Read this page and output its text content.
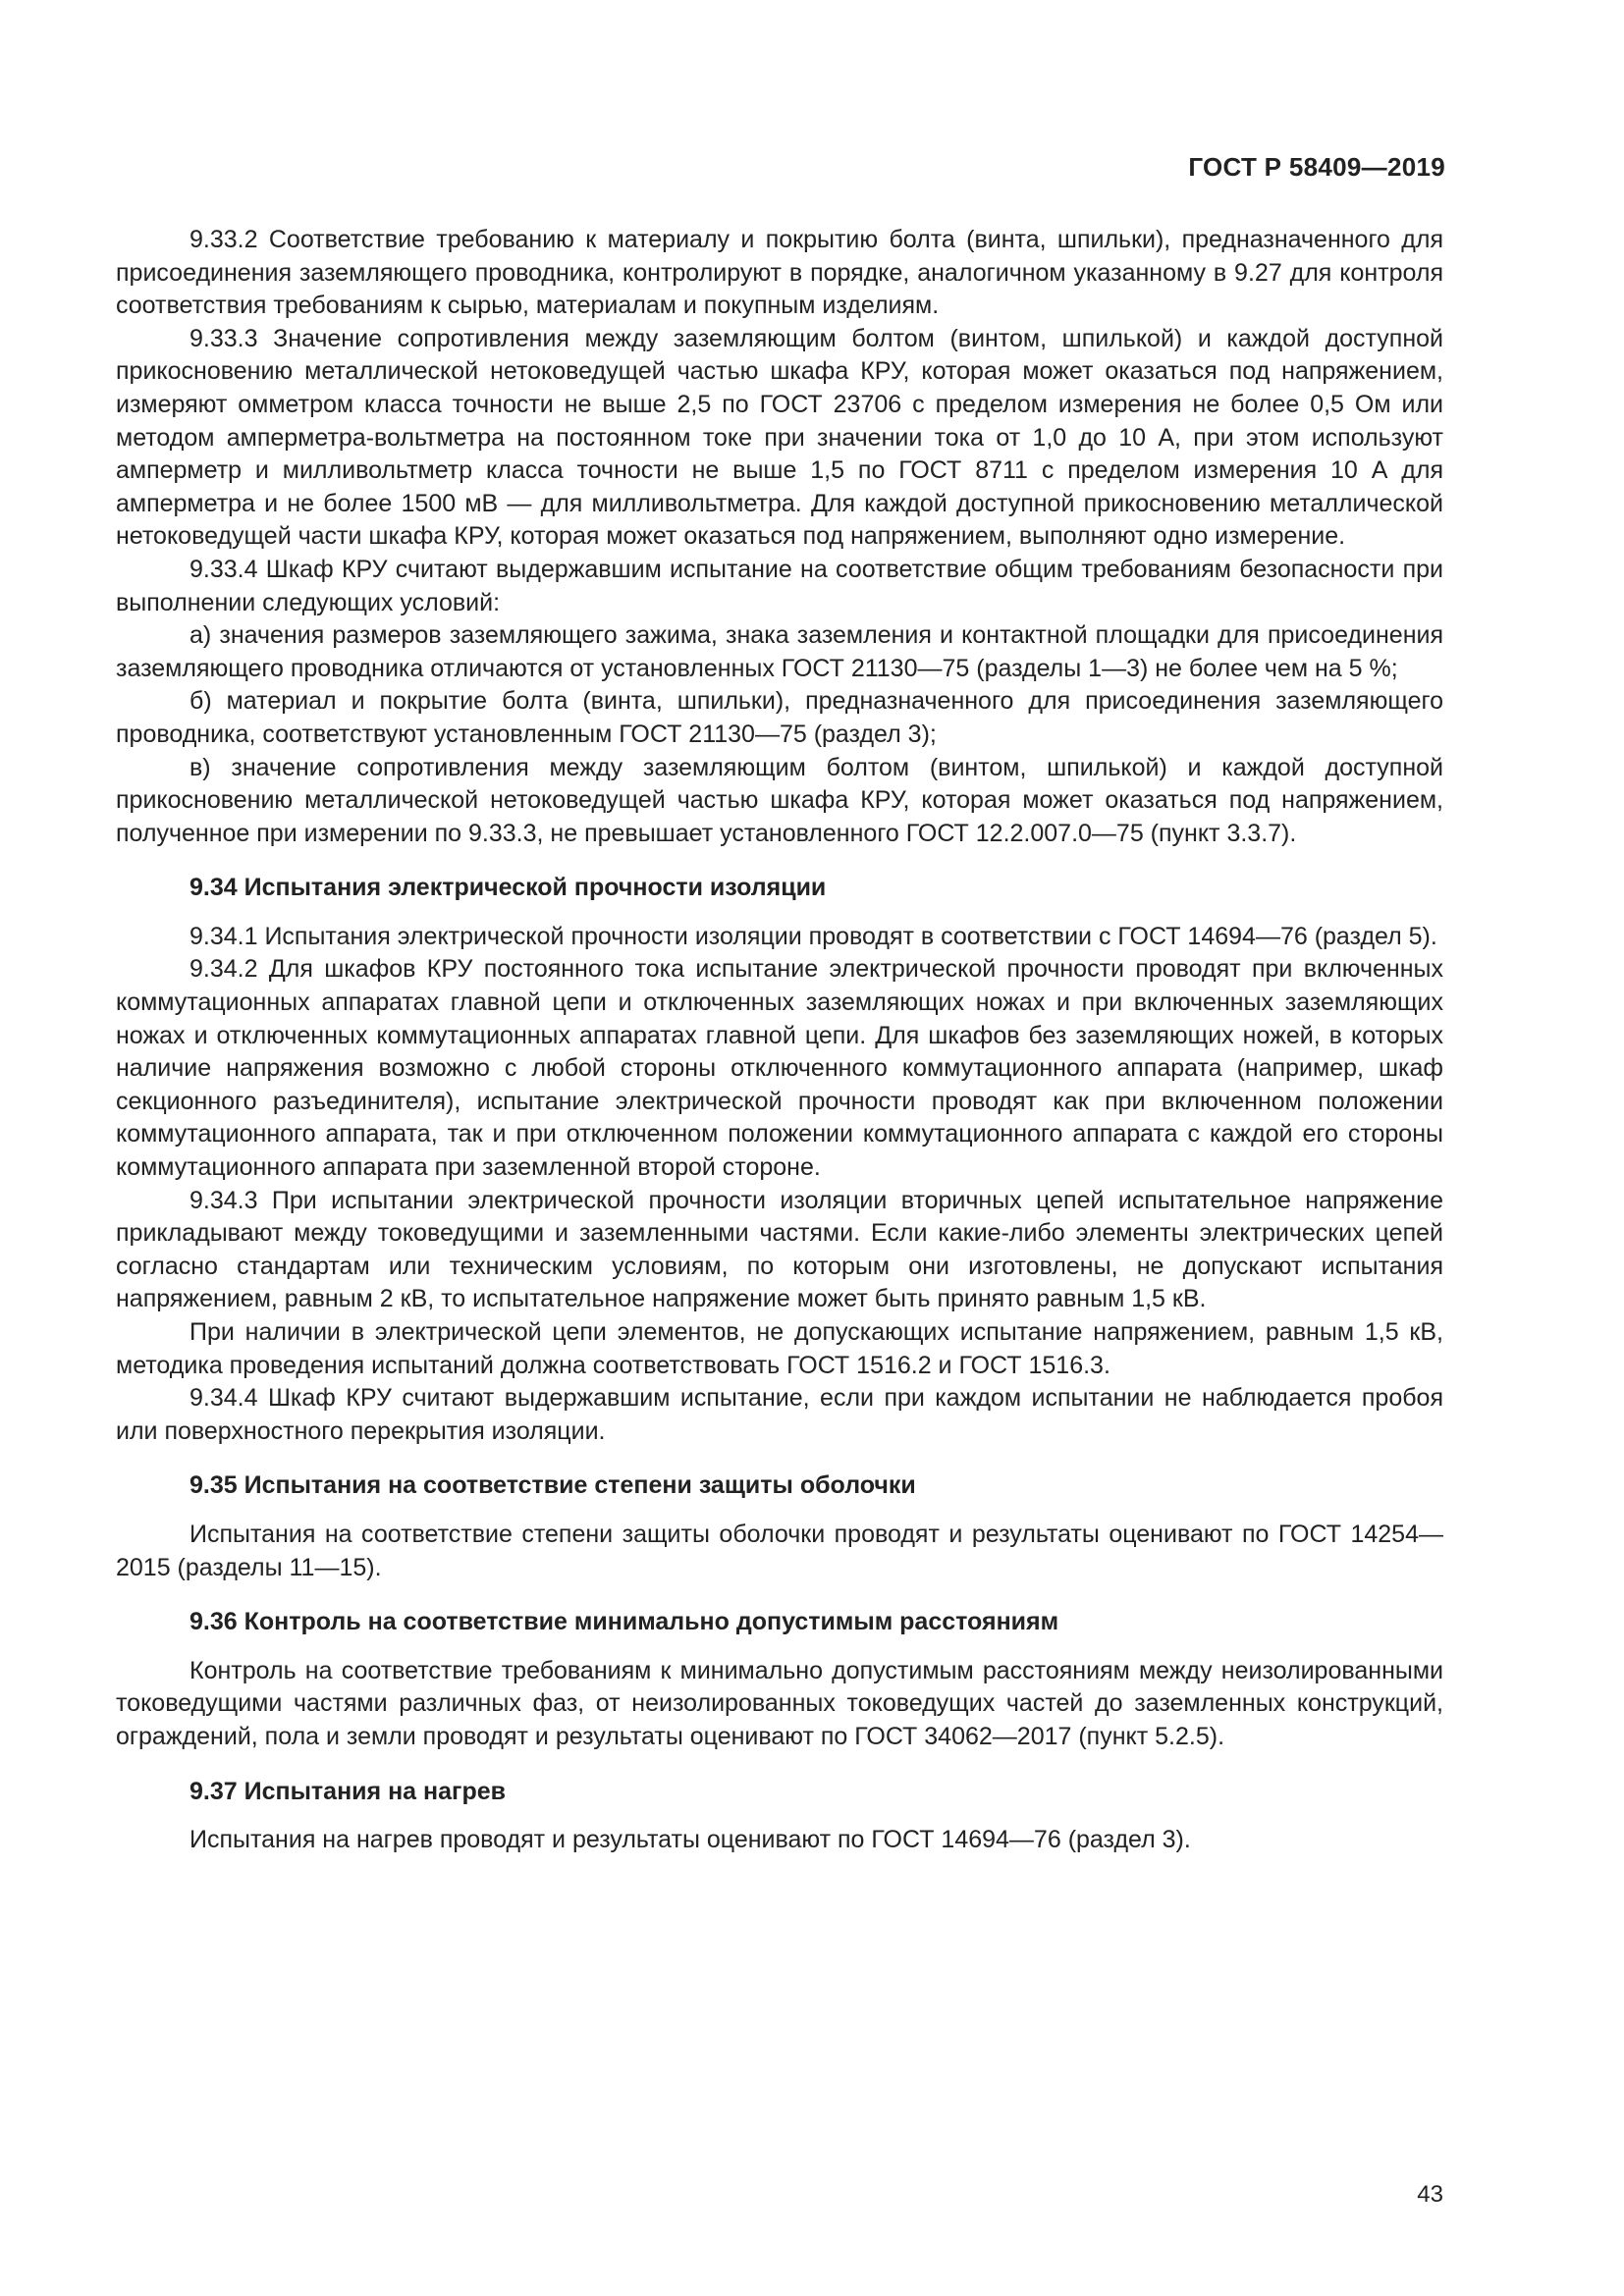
ГОСТ Р 58409—2019

9.33.2 Соответствие требованию к материалу и покрытию болта (винта, шпильки), предназначенного для присоединения заземляющего проводника, контролируют в порядке, аналогичном указанному в 9.27 для контроля соответствия требованиям к сырью, материалам и покупным изделиям.

9.33.3 Значение сопротивления между заземляющим болтом (винтом, шпилькой) и каждой доступной прикосновению металлической нетоковедущей частью шкафа КРУ, которая может оказаться под напряжением, измеряют омметром класса точности не выше 2,5 по ГОСТ 23706 с пределом измерения не более 0,5 Ом или методом амперметра-вольтметра на постоянном токе при значении тока от 1,0 до 10 А, при этом используют амперметр и милливольтметр класса точности не выше 1,5 по ГОСТ 8711 с пределом измерения 10 А для амперметра и не более 1500 мВ — для милливольтметра. Для каждой доступной прикосновению металлической нетоковедущей части шкафа КРУ, которая может оказаться под напряжением, выполняют одно измерение.

9.33.4 Шкаф КРУ считают выдержавшим испытание на соответствие общим требованиям безопасности при выполнении следующих условий:

а) значения размеров заземляющего зажима, знака заземления и контактной площадки для присоединения заземляющего проводника отличаются от установленных ГОСТ 21130—75 (разделы 1—3) не более чем на 5 %;

б) материал и покрытие болта (винта, шпильки), предназначенного для присоединения заземляющего проводника, соответствуют установленным ГОСТ 21130—75 (раздел 3);

в) значение сопротивления между заземляющим болтом (винтом, шпилькой) и каждой доступной прикосновению металлической нетоковедущей частью шкафа КРУ, которая может оказаться под напряжением, полученное при измерении по 9.33.3, не превышает установленного ГОСТ 12.2.007.0—75 (пункт 3.3.7).

9.34 Испытания электрической прочности изоляции

9.34.1 Испытания электрической прочности изоляции проводят в соответствии с ГОСТ 14694—76 (раздел 5).

9.34.2 Для шкафов КРУ постоянного тока испытание электрической прочности проводят при включенных коммутационных аппаратах главной цепи и отключенных заземляющих ножах и при включенных заземляющих ножах и отключенных коммутационных аппаратах главной цепи. Для шкафов без заземляющих ножей, в которых наличие напряжения возможно с любой стороны отключенного коммутационного аппарата (например, шкаф секционного разъединителя), испытание электрической прочности проводят как при включенном положении коммутационного аппарата, так и при отключенном положении коммутационного аппарата с каждой его стороны коммутационного аппарата при заземленной второй стороне.

9.34.3 При испытании электрической прочности изоляции вторичных цепей испытательное напряжение прикладывают между токоведущими и заземленными частями. Если какие-либо элементы электрических цепей согласно стандартам или техническим условиям, по которым они изготовлены, не допускают испытания напряжением, равным 2 кВ, то испытательное напряжение может быть принято равным 1,5 кВ.

При наличии в электрической цепи элементов, не допускающих испытание напряжением, равным 1,5 кВ, методика проведения испытаний должна соответствовать ГОСТ 1516.2 и ГОСТ 1516.3.

9.34.4 Шкаф КРУ считают выдержавшим испытание, если при каждом испытании не наблюдается пробоя или поверхностного перекрытия изоляции.

9.35 Испытания на соответствие степени защиты оболочки

Испытания на соответствие степени защиты оболочки проводят и результаты оценивают по ГОСТ 14254—2015 (разделы 11—15).

9.36 Контроль на соответствие минимально допустимым расстояниям

Контроль на соответствие требованиям к минимально допустимым расстояниям между неизолированными токоведущими частями различных фаз, от неизолированных токоведущих частей до заземленных конструкций, ограждений, пола и земли проводят и результаты оценивают по ГОСТ 34062—2017 (пункт 5.2.5).

9.37 Испытания на нагрев

Испытания на нагрев проводят и результаты оценивают по ГОСТ 14694—76 (раздел 3).

43
